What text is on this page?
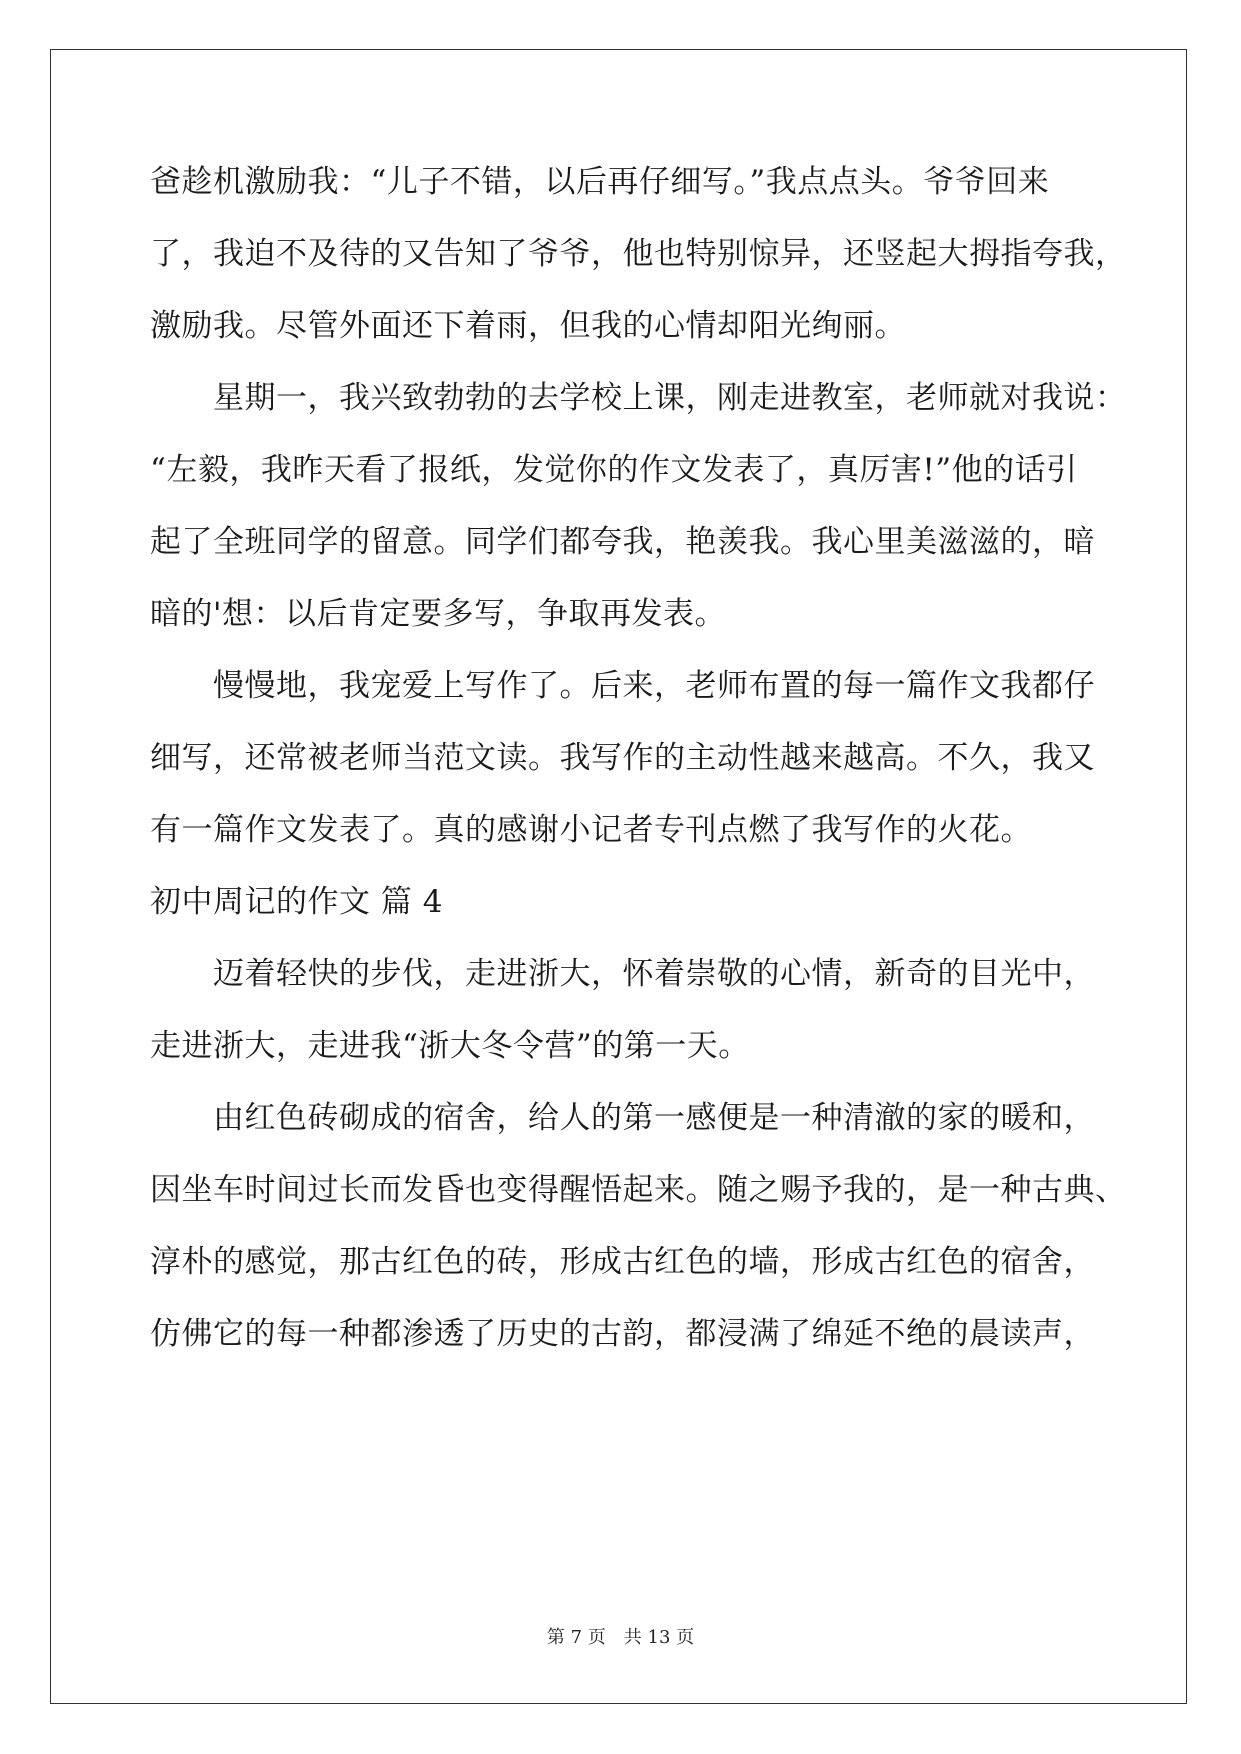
爸趁机激励我：“儿子不错，以后再仔细写。”我点点头。爷爷回来

了，我迫不及待的又告知了爷爷，他也特别惊异，还竖起大拇指夸我，

激励我。尽管外面还下着雨，但我的心情却阳光绚丽。

　　星期一，我兴致勃勃的去学校上课，刚走进教室，老师就对我说：

“左毅，我昨天看了报纸，发觉你的作文发表了，真厉害!”他的话引

起了全班同学的留意。同学们都夸我，艳羡我。我心里美滋滋的，暗

暗的'想：以后肯定要多写，争取再发表。

　　慢慢地，我宠爱上写作了。后来，老师布置的每一篇作文我都仔

细写，还常被老师当范文读。我写作的主动性越来越高。不久，我又

有一篇作文发表了。真的感谢小记者专刊点燃了我写作的火花。

初中周记的作文 篇 4

　　迈着轻快的步伐，走进浙大，怀着崇敬的心情，新奇的目光中，

走进浙大，走进我“浙大冬令营”的第一天。

　　由红色砖砌成的宿舍，给人的第一感便是一种清澈的家的暖和，

因坐车时间过长而发昏也变得醒悟起来。随之赐予我的，是一种古典、

淳朴的感觉，那古红色的砖，形成古红色的墙，形成古红色的宿舍，

仿佛它的每一种都渗透了历史的古韵，都浸满了绵延不绝的晨读声，

第 7 页　共 13 页
